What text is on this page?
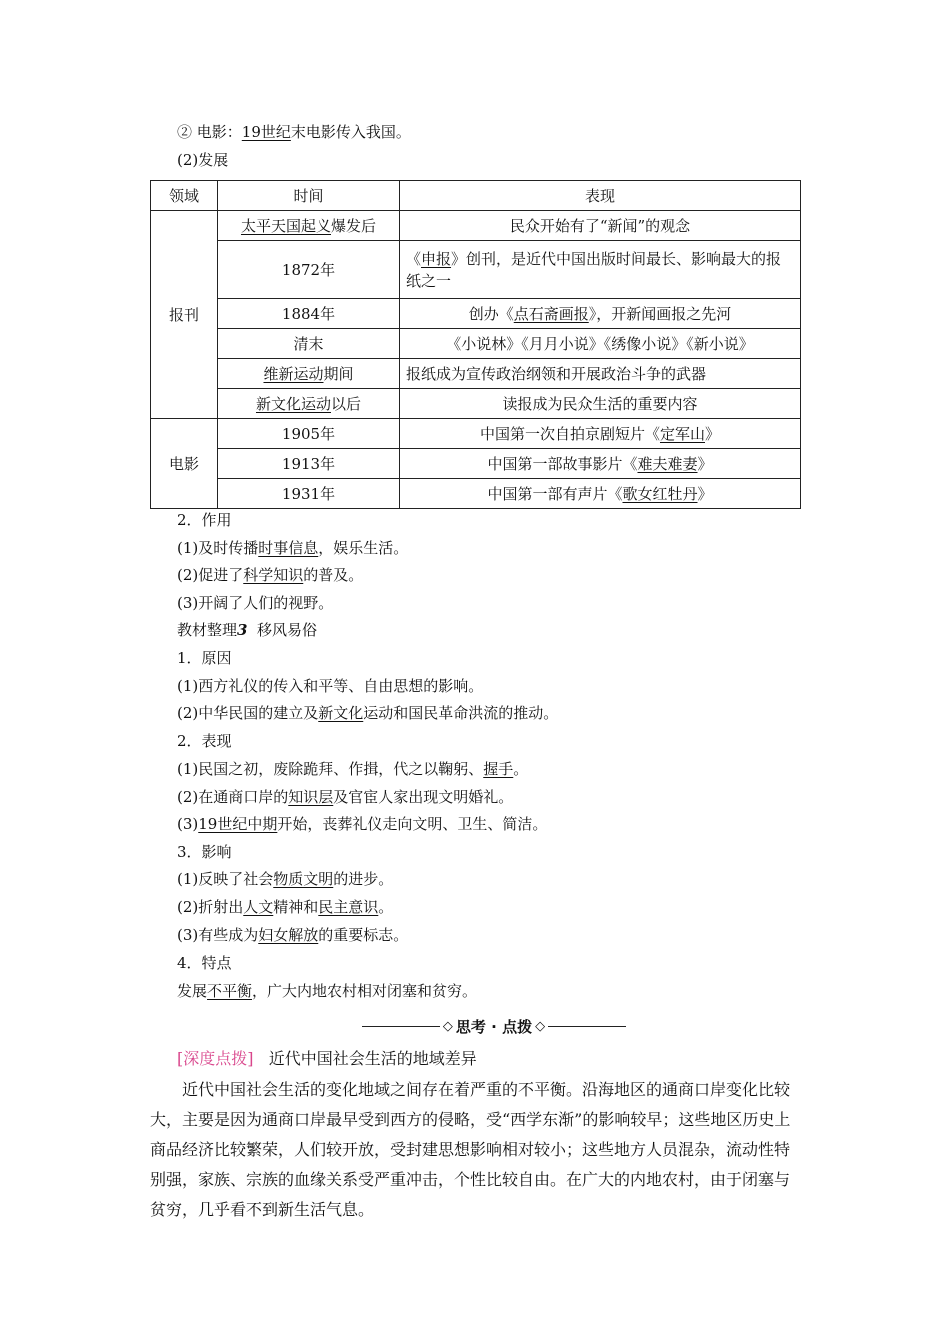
② 电影：19世纪末电影传入我国。
(2)发展
领域	时间	表现
报刊	太平天国起义爆发后	民众开始有了“新闻”的观念
	1872年	《申报》创刊，是近代中国出版时间最长、影响最大的报纸之一
	1884年	创办《点石斋画报》，开新闻画报之先河
	清末	《小说林》《月月小说》《绣像小说》《新小说》
	维新运动期间	报纸成为宣传政治纲领和开展政治斗争的武器
	新文化运动以后	读报成为民众生活的重要内容
电影	1905年	中国第一次自拍京剧短片《定军山》
	1913年	中国第一部故事影片《难夫难妻》
	1931年	中国第一部有声片《歌女红牡丹》
2．作用
(1)及时传播时事信息，娱乐生活。
(2)促进了科学知识的普及。
(3)开阔了人们的视野。
教材整理3 移风易俗
1．原因
(1)西方礼仪的传入和平等、自由思想的影响。
(2)中华民国的建立及新文化运动和国民革命洪流的推动。
2．表现
(1)民国之初，废除跪拜、作揖，代之以鞠躬、握手。
(2)在通商口岸的知识层及官宦人家出现文明婚礼。
(3)19世纪中期开始，丧葬礼仪走向文明、卫生、简洁。
3．影响
(1)反映了社会物质文明的进步。
(2)折射出人文精神和民主意识。
(3)有些成为妇女解放的重要标志。
4．特点
发展不平衡，广大内地农村相对闭塞和贫穷。
◇ 思考 · 点拨 ◇
[深度点拨] 近代中国社会生活的地域差异
近代中国社会生活的变化地域之间存在着严重的不平衡。沿海地区的通商口岸变化比较大，主要是因为通商口岸最早受到西方的侵略，受“西学东渐”的影响较早；这些地区历史上商品经济比较繁荣，人们较开放，受封建思想影响相对较小；这些地方人员混杂，流动性特别强，家族、宗族的血缘关系受严重冲击，个性比较自由。在广大的内地农村，由于闭塞与贫穷，几乎看不到新生活气息。
